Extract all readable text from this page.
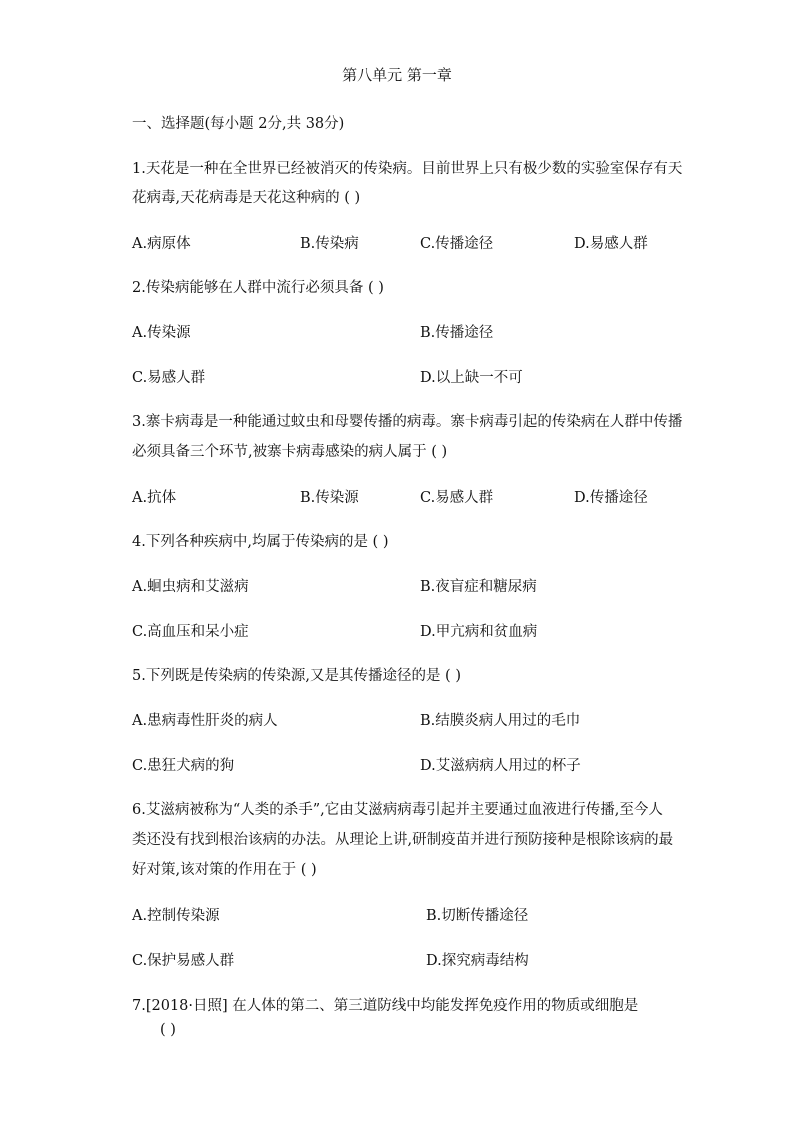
第八单元 第一章
一、选择题(每小题 2分,共 38分)
1.天花是一种在全世界已经被消灭的传染病。目前世界上只有极少数的实验室保存有天
花病毒,天花病毒是天花这种病的 ( )
A.病原体	B.传染病	C.传播途径	D.易感人群
2.传染病能够在人群中流行必须具备 ( )
A.传染源	B.传播途径
C.易感人群	D.以上缺一不可
3.寨卡病毒是一种能通过蚊虫和母婴传播的病毒。寨卡病毒引起的传染病在人群中传播
必须具备三个环节,被寨卡病毒感染的病人属于 ( )
A.抗体	B.传染源	C.易感人群	D.传播途径
4.下列各种疾病中,均属于传染病的是 ( )
A.蛔虫病和艾滋病	B.夜盲症和糖尿病
C.高血压和呆小症	D.甲亢病和贫血病
5.下列既是传染病的传染源,又是其传播途径的是 ( )
A.患病毒性肝炎的病人	B.结膜炎病人用过的毛巾
C.患狂犬病的狗	D.艾滋病病人用过的杯子
6.艾滋病被称为“人类的杀手”,它由艾滋病病毒引起并主要通过血液进行传播,至今人
类还没有找到根治该病的办法。从理论上讲,研制疫苗并进行预防接种是根除该病的最
好对策,该对策的作用在于 ( )
A.控制传染源	B.切断传播途径
C.保护易感人群	D.探究病毒结构
7.[2018·日照] 在人体的第二、第三道防线中均能发挥免疫作用的物质或细胞是
( )
